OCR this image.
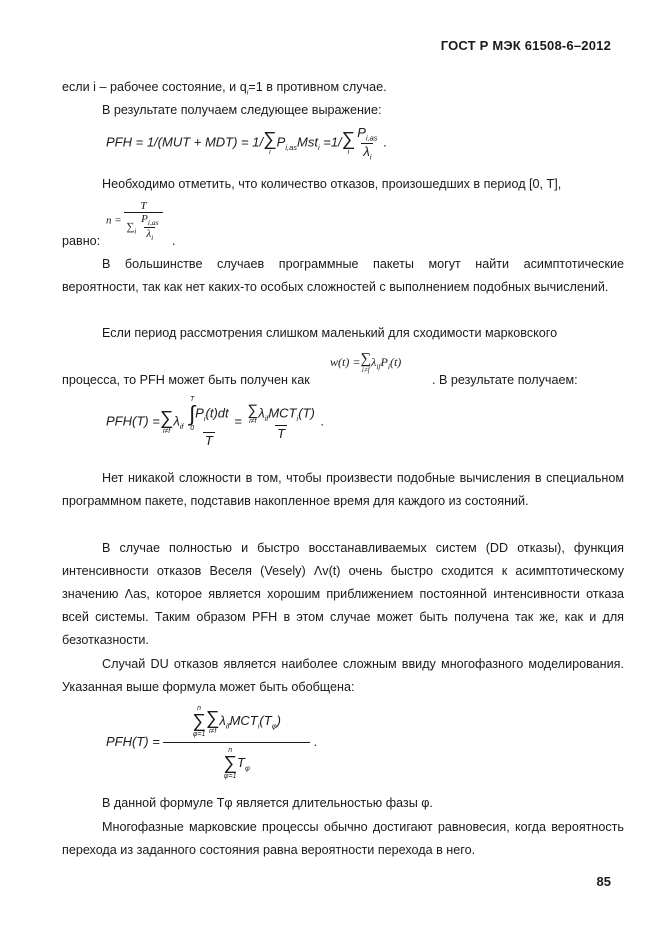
ГОСТ Р МЭК 61508-6–2012
если i – рабочее состояние, и $q_i=1$ в противном случае.
В результате получаем следующее выражение:
PFH = 1/(MUT + MDT) = 1/ ∑
i
$P_{i,as}Mst_i =1/$ ∑
i $\frac{P_{i,as}}{\lambda_i}$ .
Необходимо отметить, что количество отказов, произошедших в период [0, T],
$n = \frac{T}{\sum_i \frac{P_{i,as}}{\lambda_i}}$
равно:	.
В большинстве случаев программные пакеты могут найти асимптотические вероятности, так как нет каких-то особых сложностей с выполнением подобных вычислений.
Если период рассмотрения слишком маленький для сходимости марковского
w(t) = ∑
i≠f
$\lambda_{if}P_i(t)$
процесса, то PFH может быть получен как	. В результате получаем:
PFH(T) = ∑
i≠f
$\lambda_{if}$ T
∫
0
$P_i(t)dt$
T = ∑
i≠f
$\lambda_{if}MCT_i(T)$
T .
Нет никакой сложности в том, чтобы произвести подобные вычисления в специальном программном пакете, подставив накопленное время для каждого из состояний.
В случае полностью и быстро восстанавливаемых систем (DD отказы), функция интенсивности отказов Веселя (Vesely) Λv(t) очень быстро сходится к асимптотическому значению Λas, которое является хорошим приближением постоянной интенсивности отказа всей системы. Таким образом PFH в этом случае может быть получена так же, как и для безотказности.
Случай DU отказов является наиболее сложным ввиду многофазного моделирования. Указанная выше формула может быть обобщена:
PFH(T) = n
∑
φ=1
∑
i≠f
$\lambda_{if}MCT_i(T_\varphi)$
n
∑
φ=1
$T_\varphi$ .
В данной формуле Tφ является длительностью фазы φ.
Многофазные марковские процессы обычно достигают равновесия, когда вероятность перехода из заданного состояния равна вероятности перехода в него.
85
